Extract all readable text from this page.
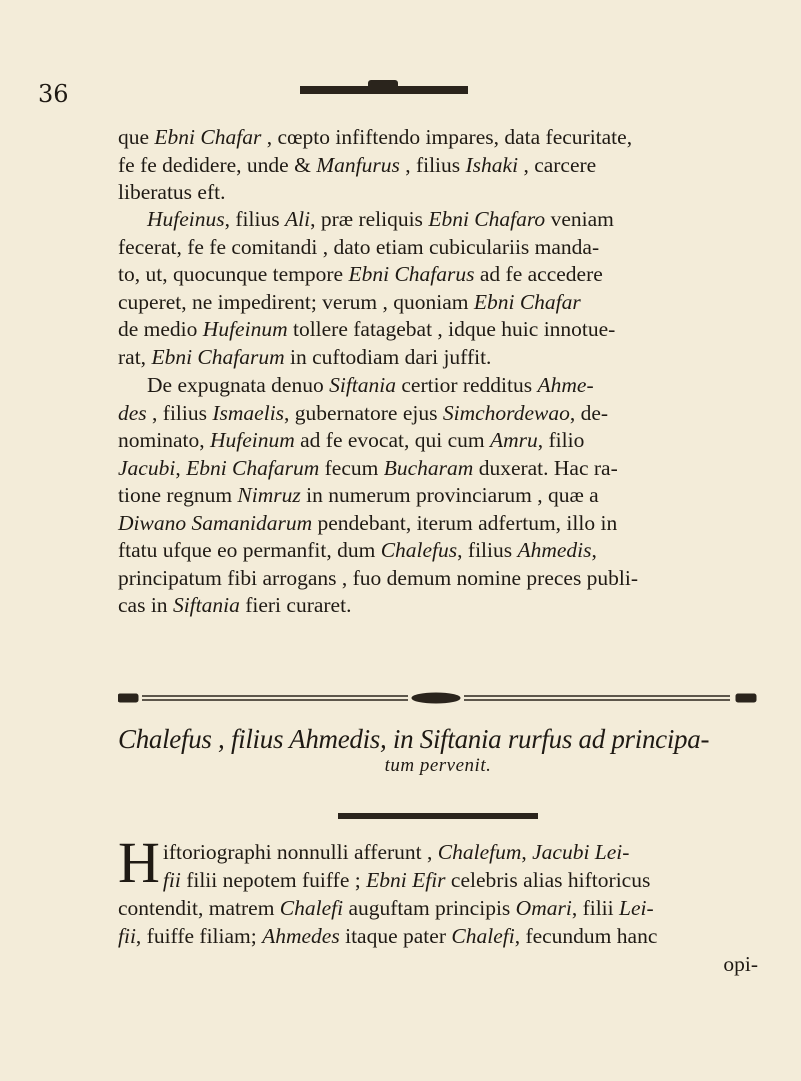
36
que Ebni Chafar , cœpto infiftendo impares, data fecuritate,
fe fe dedidere, unde & Manfurus , filius Ishaki , carcere
liberatus eft.
Hufeinus, filius Ali, præ reliquis Ebni Chafaro veniam
fecerat, fe fe comitandi , dato etiam cubiculariis manda-
to, ut, quocunque tempore Ebni Chafarus ad fe accedere
cuperet, ne impedirent; verum , quoniam Ebni Chafar
de medio Hufeinum tollere fatagebat , idque huic innotue-
rat, Ebni Chafarum in cuftodiam dari juffit.
De expugnata denuo Siftania certior redditus Ahme-
des , filius Ismaelis, gubernatore ejus Simchordewao, de-
nominato, Hufeinum ad fe evocat, qui cum Amru, filio
Jacubi, Ebni Chafarum fecum Bucharam duxerat. Hac ra-
tione regnum Nimruz in numerum provinciarum , quæ a
Diwano Samanidarum pendebant, iterum adfertum, illo in
ftatu ufque eo permanfit, dum Chalefus, filius Ahmedis,
principatum fibi arrogans , fuo demum nomine preces publi-
cas in Siftania fieri curaret.
Chalefus , filius Ahmedis, in Siftania rurfus ad principa-
tum pervenit.
H iftoriographi nonnulli afferunt , Chalefum, Jacubi Lei-
fii filii nepotem fuiffe ; Ebni Efir celebris alias hiftoricus
contendit, matrem Chalefi auguftam principis Omari, filii Lei-
fii, fuiffe filiam; Ahmedes itaque pater Chalefi, fecundum hanc
opi-
